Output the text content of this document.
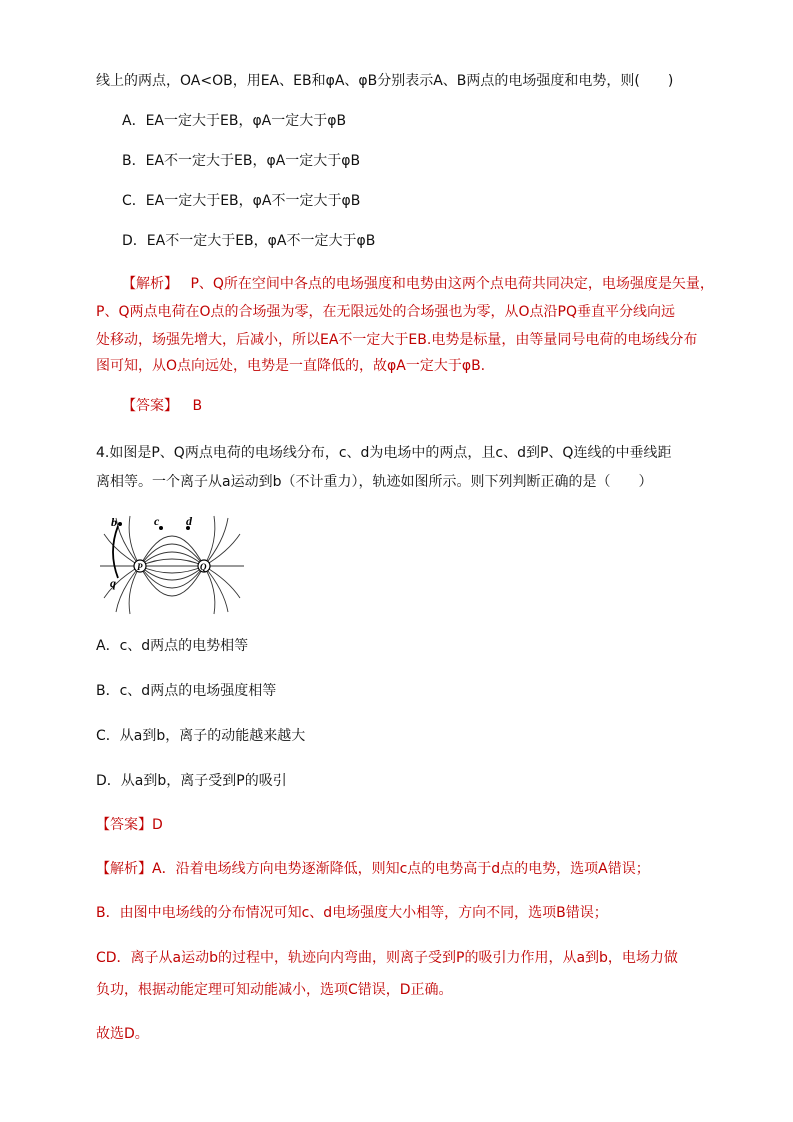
线上的两点，OA<OB，用EA、EB和φA、φB分别表示A、B两点的电场强度和电势，则(　　)
A．EA一定大于EB，φA一定大于φB
B．EA不一定大于EB，φA一定大于φB
C．EA一定大于EB，φA不一定大于φB
D．EA不一定大于EB，φA不一定大于φB
【解析】 P、Q所在空间中各点的电场强度和电势由这两个点电荷共同决定，电场强度是矢量，
P、Q两点电荷在O点的合场强为零，在无限远处的合场强也为零，从O点沿PQ垂直平分线向远
处移动，场强先增大，后减小，所以EA不一定大于EB.电势是标量，由等量同号电荷的电场线分布
图可知，从O点向远处，电势是一直降低的，故φA一定大于φB.
【答案】 B
4.如图是P、Q两点电荷的电场线分布，c、d为电场中的两点，且c、d到P、Q连线的中垂线距
离相等。一个离子从a运动到b（不计重力），轨迹如图所示。则下列判断正确的是（　　）
b	c d
P	Q
q
A．c、d两点的电势相等
B．c、d两点的电场强度相等
C．从a到b，离子的动能越来越大
D．从a到b，离子受到P的吸引
【答案】D
【解析】A．沿着电场线方向电势逐渐降低，则知c点的电势高于d点的电势，选项A错误；
B．由图中电场线的分布情况可知c、d电场强度大小相等，方向不同，选项B错误；
CD．离子从a运动b的过程中，轨迹向内弯曲，则离子受到P的吸引力作用，从a到b，电场力做
负功，根据动能定理可知动能减小，选项C错误，D正确。
故选D。
